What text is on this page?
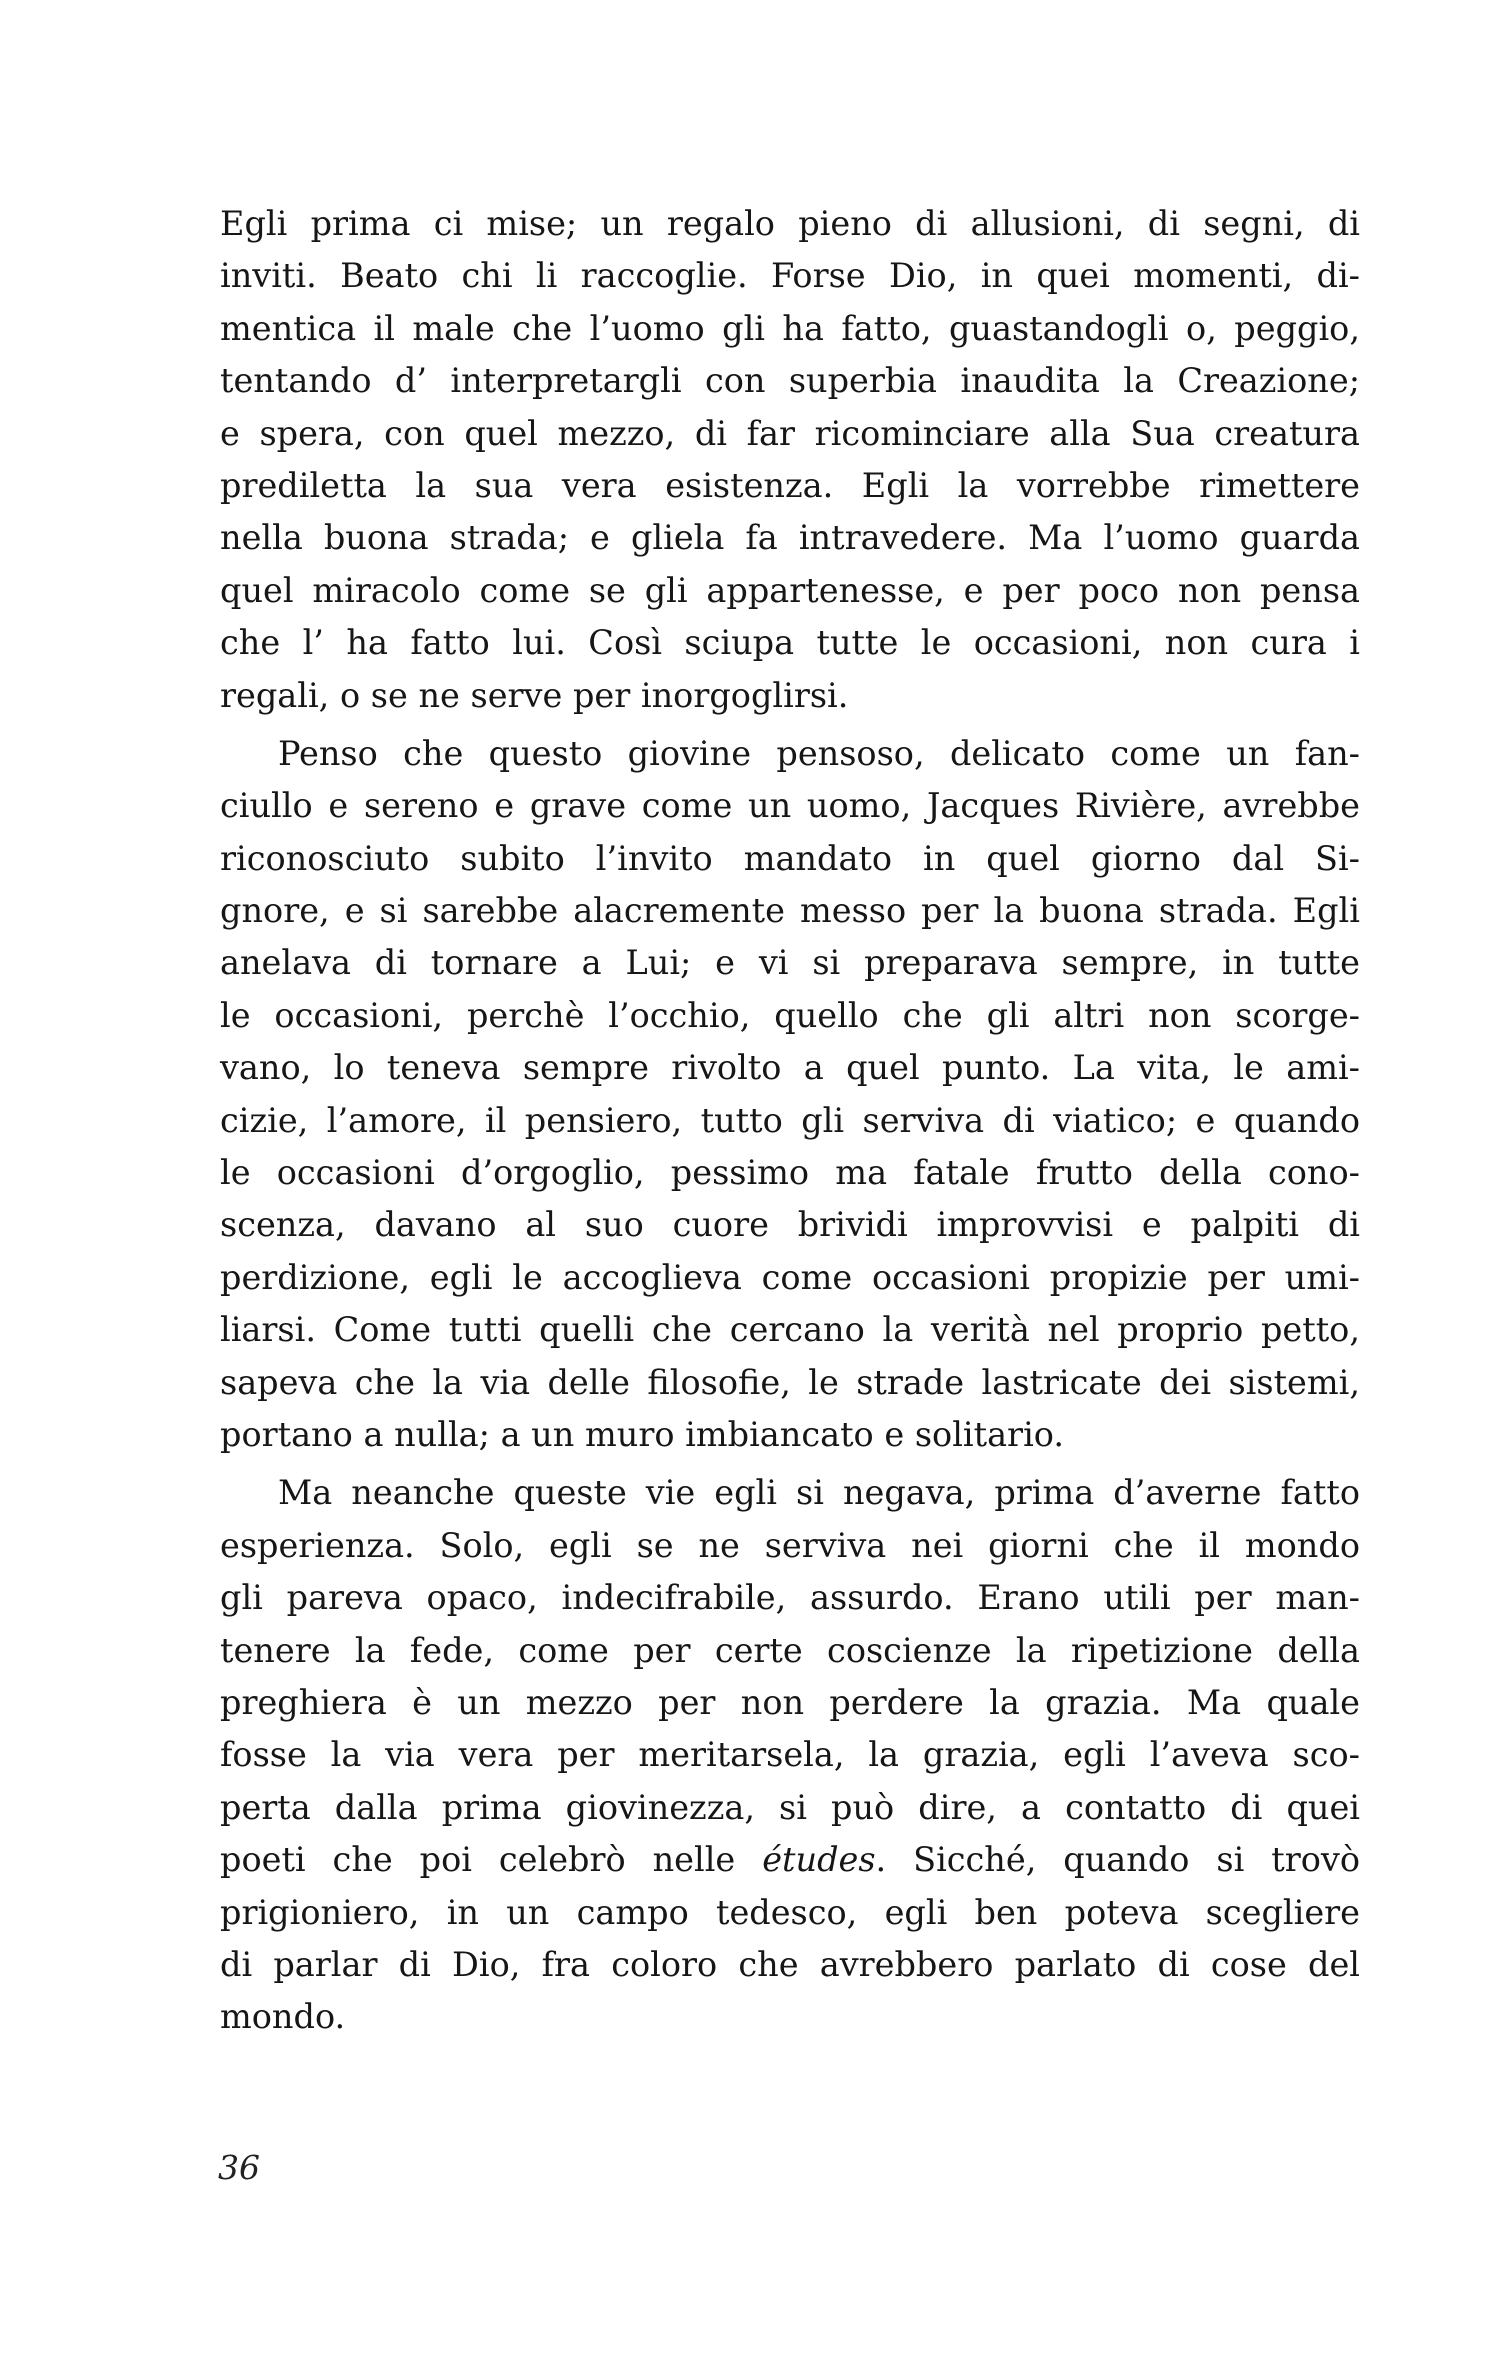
Egli prima ci mise; un regalo pieno di allusioni, di segni, di
inviti. Beato chi li raccoglie. Forse Dio, in quei momenti, di-
mentica il male che l’uomo gli ha fatto, guastandogli o, peggio,
tentando d’ interpretargli con superbia inaudita la Creazione;
e spera, con quel mezzo, di far ricominciare alla Sua creatura
prediletta la sua vera esistenza. Egli la vorrebbe rimettere
nella buona strada; e gliela fa intravedere. Ma l’uomo guarda
quel miracolo come se gli appartenesse, e per poco non pensa
che l’ ha fatto lui. Così sciupa tutte le occasioni, non cura i
regali, o se ne serve per inorgoglirsi.
Penso che questo giovine pensoso, delicato come un fan-
ciullo e sereno e grave come un uomo, Jacques Rivière, avrebbe
riconosciuto subito l’invito mandato in quel giorno dal Si-
gnore, e si sarebbe alacremente messo per la buona strada. Egli
anelava di tornare a Lui; e vi si preparava sempre, in tutte
le occasioni, perchè l’occhio, quello che gli altri non scorge-
vano, lo teneva sempre rivolto a quel punto. La vita, le ami-
cizie, l’amore, il pensiero, tutto gli serviva di viatico; e quando
le occasioni d’orgoglio, pessimo ma fatale frutto della cono-
scenza, davano al suo cuore brividi improvvisi e palpiti di
perdizione, egli le accoglieva come occasioni propizie per umi-
liarsi. Come tutti quelli che cercano la verità nel proprio petto,
sapeva che la via delle filosofie, le strade lastricate dei sistemi,
portano a nulla; a un muro imbiancato e solitario.
Ma neanche queste vie egli si negava, prima d’averne fatto
esperienza. Solo, egli se ne serviva nei giorni che il mondo
gli pareva opaco, indecifrabile, assurdo. Erano utili per man-
tenere la fede, come per certe coscienze la ripetizione della
preghiera è un mezzo per non perdere la grazia. Ma quale
fosse la via vera per meritarsela, la grazia, egli l’aveva sco-
perta dalla prima giovinezza, si può dire, a contatto di quei
poeti che poi celebrò nelle études. Sicché, quando si trovò
prigioniero, in un campo tedesco, egli ben poteva scegliere
di parlar di Dio, fra coloro che avrebbero parlato di cose del
mondo.
36
